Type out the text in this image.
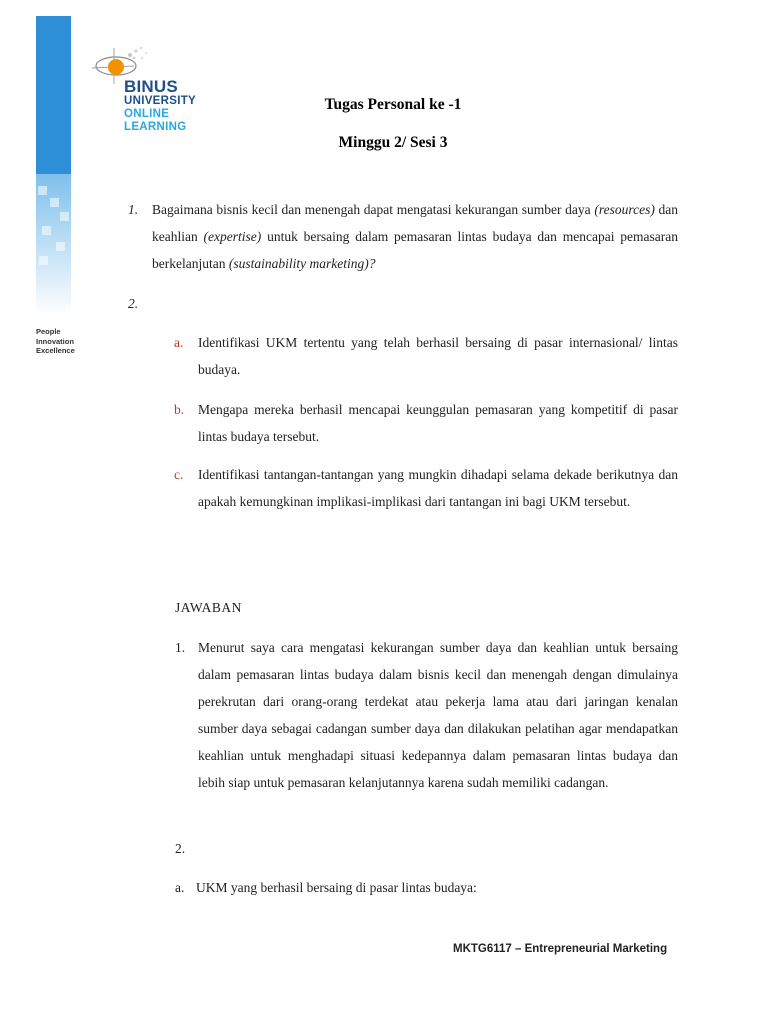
People
Innovation
Excellence
BINUS
UNIVERSITY
ONLINE
LEARNING
Tugas Personal ke -1
Minggu 2/ Sesi 3
1. Bagaimana bisnis kecil dan menengah dapat mengatasi kekurangan sumber daya (resources) dan keahlian (expertise) untuk bersaing dalam pemasaran lintas budaya dan mencapai pemasaran berkelanjutan (sustainability marketing)?
2.
a. Identifikasi UKM tertentu yang telah berhasil bersaing di pasar internasional/ lintas budaya.
b. Mengapa mereka berhasil mencapai keunggulan pemasaran yang kompetitif di pasar lintas budaya tersebut.
c. Identifikasi tantangan-tantangan yang mungkin dihadapi selama dekade berikutnya dan apakah kemungkinan implikasi-implikasi dari tantangan ini bagi UKM tersebut.
JAWABAN
1. Menurut saya cara mengatasi kekurangan sumber daya dan keahlian untuk bersaing dalam pemasaran lintas budaya dalam bisnis kecil dan menengah dengan dimulainya perekrutan dari orang-orang terdekat atau pekerja lama atau dari jaringan kenalan sumber daya sebagai cadangan sumber daya dan dilakukan pelatihan agar mendapatkan keahlian untuk menghadapi situasi kedepannya dalam pemasaran lintas budaya dan lebih siap untuk pemasaran kelanjutannya karena sudah memiliki cadangan.
2.
a. UKM yang berhasil bersaing di pasar lintas budaya:
MKTG6117 – Entrepreneurial Marketing
